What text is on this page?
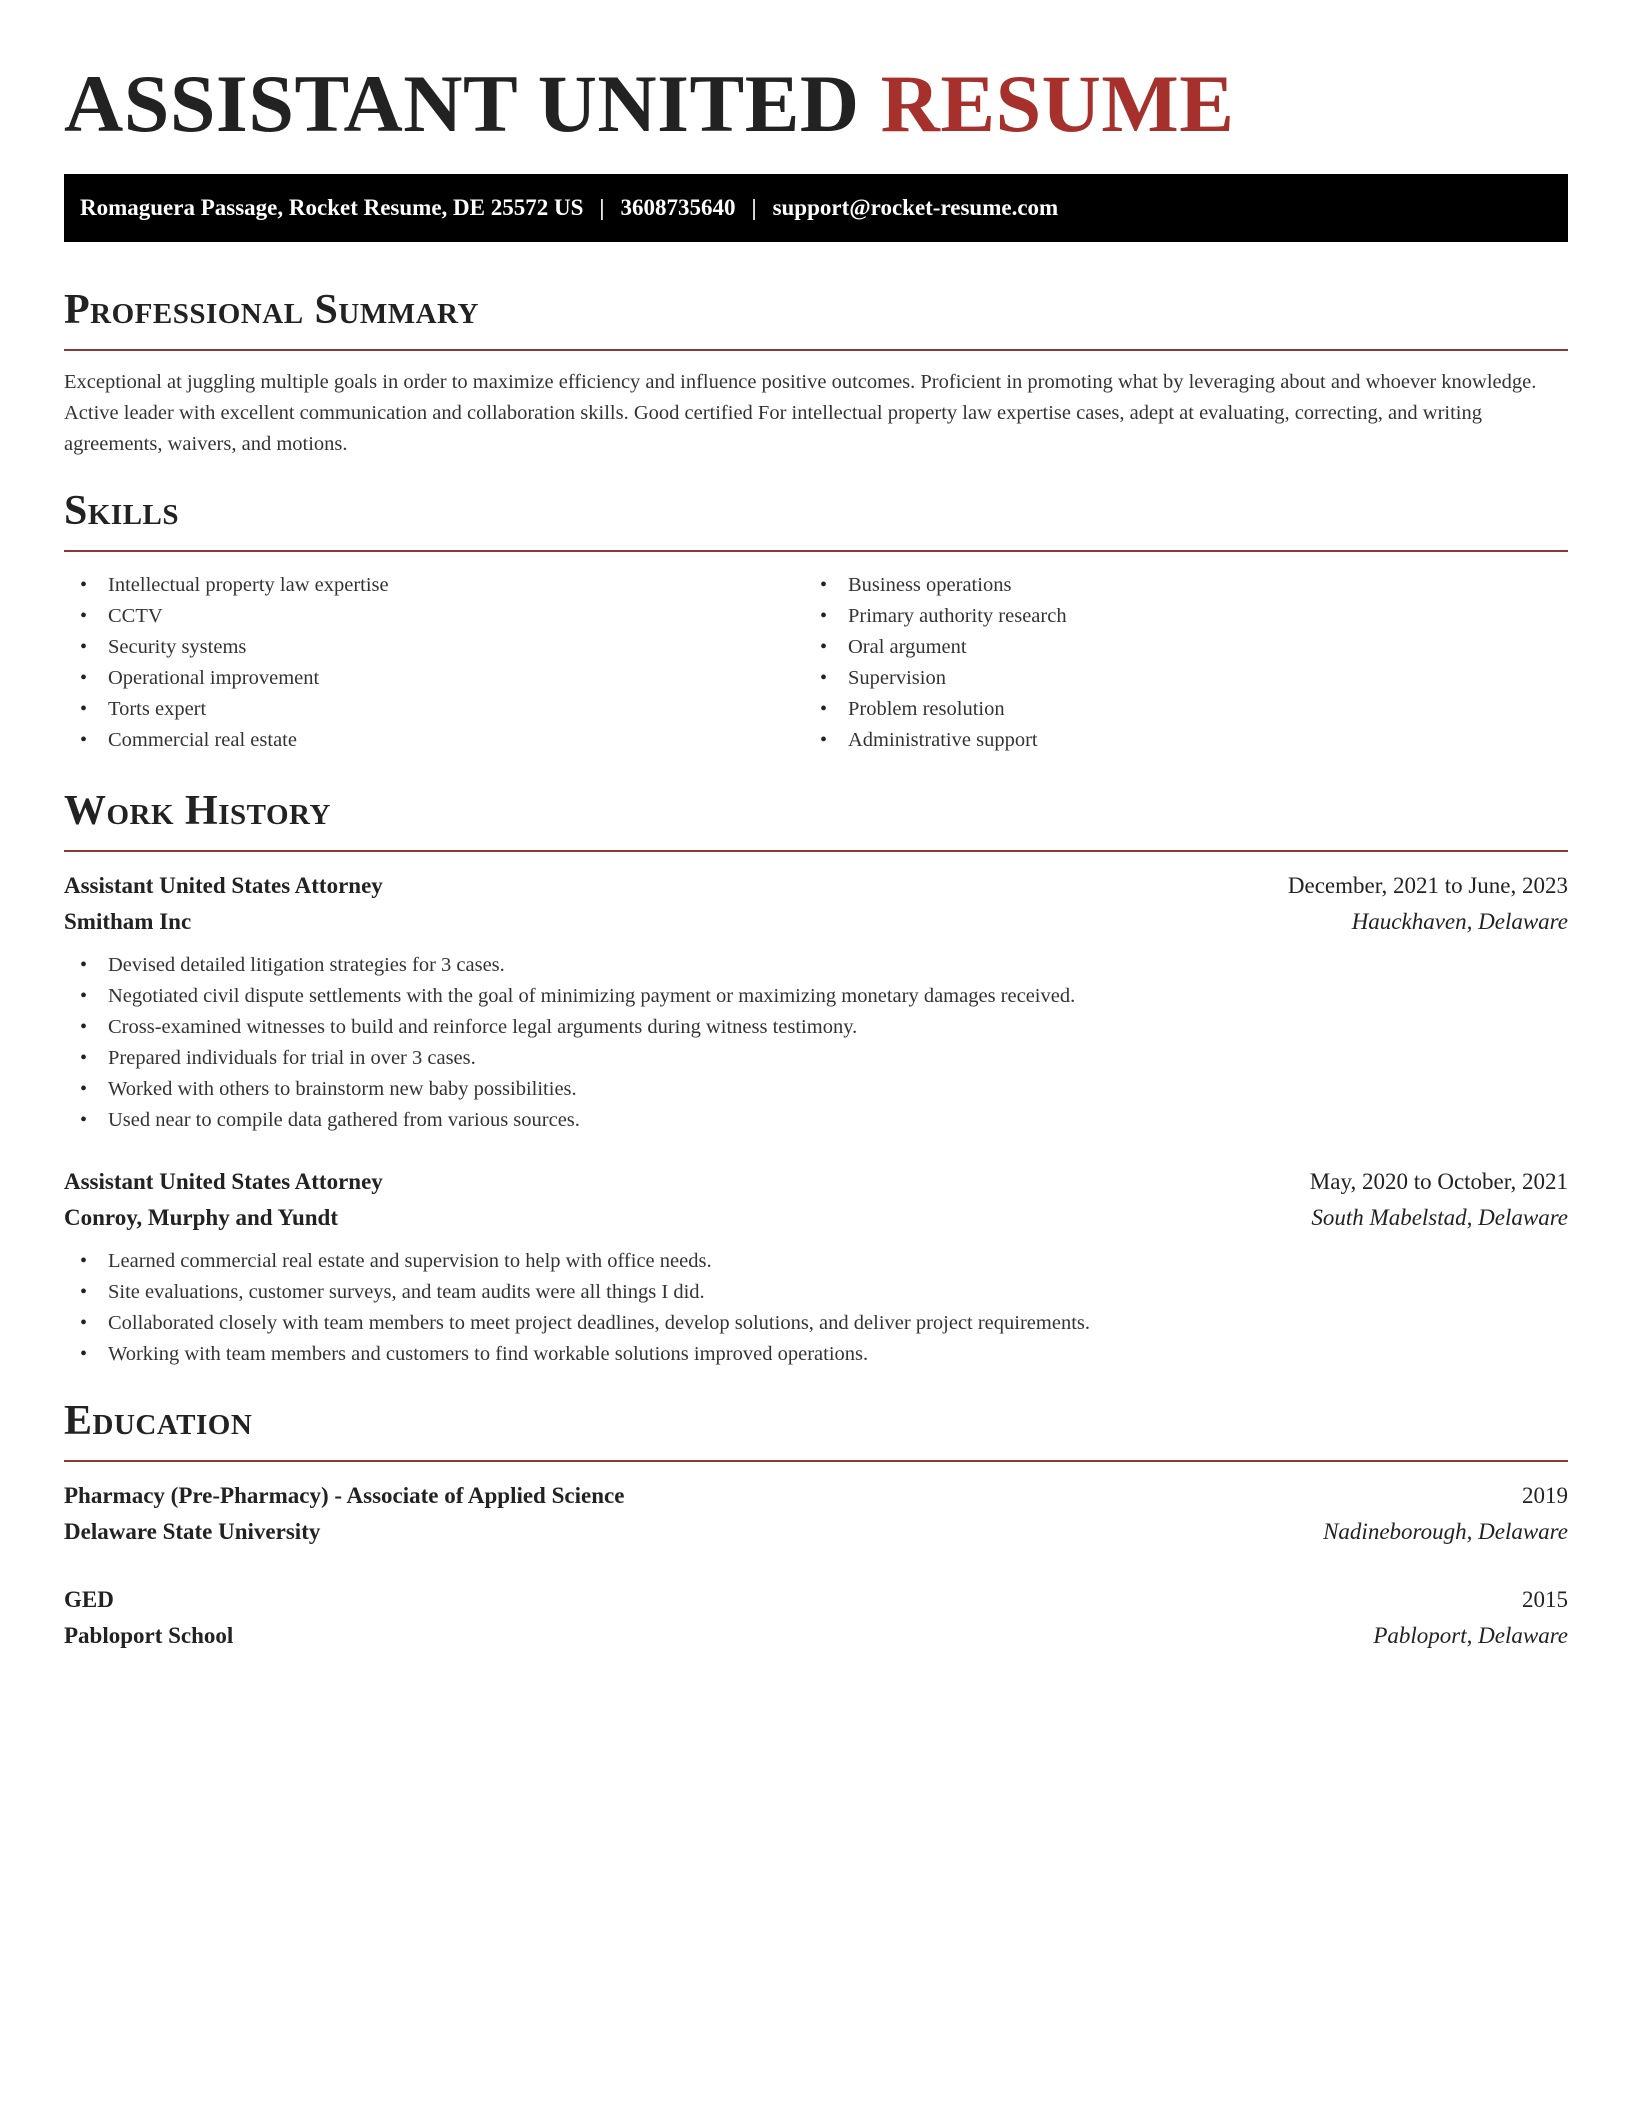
ASSISTANT UNITED RESUME
Romaguera Passage, Rocket Resume, DE 25572 US | 3608735640 | support@rocket-resume.com
Professional Summary

Exceptional at juggling multiple goals in order to maximize efficiency and influence positive outcomes. Proficient in promoting what by leveraging about and whoever knowledge. Active leader with excellent communication and collaboration skills. Good certified For intellectual property law expertise cases, adept at evaluating, correcting, and writing agreements, waivers, and motions.

Skills
• Intellectual property law expertise
• CCTV
• Security systems
• Operational improvement
• Torts expert
• Commercial real estate
• Business operations
• Primary authority research
• Oral argument
• Supervision
• Problem resolution
• Administrative support
Work History
Assistant United States Attorney	December, 2021 to June, 2023
Smitham Inc	Hauckhaven, Delaware
• Devised detailed litigation strategies for 3 cases.
• Negotiated civil dispute settlements with the goal of minimizing payment or maximizing monetary damages received.
• Cross-examined witnesses to build and reinforce legal arguments during witness testimony.
• Prepared individuals for trial in over 3 cases.
• Worked with others to brainstorm new baby possibilities.
• Used near to compile data gathered from various sources.
Assistant United States Attorney	May, 2020 to October, 2021
Conroy, Murphy and Yundt	South Mabelstad, Delaware
• Learned commercial real estate and supervision to help with office needs.
• Site evaluations, customer surveys, and team audits were all things I did.
• Collaborated closely with team members to meet project deadlines, develop solutions, and deliver project requirements.
• Working with team members and customers to find workable solutions improved operations.
Education
Pharmacy (Pre-Pharmacy) - Associate of Applied Science	2019
Delaware State University	Nadineborough, Delaware
GED	2015
Pabloport School	Pabloport, Delaware
